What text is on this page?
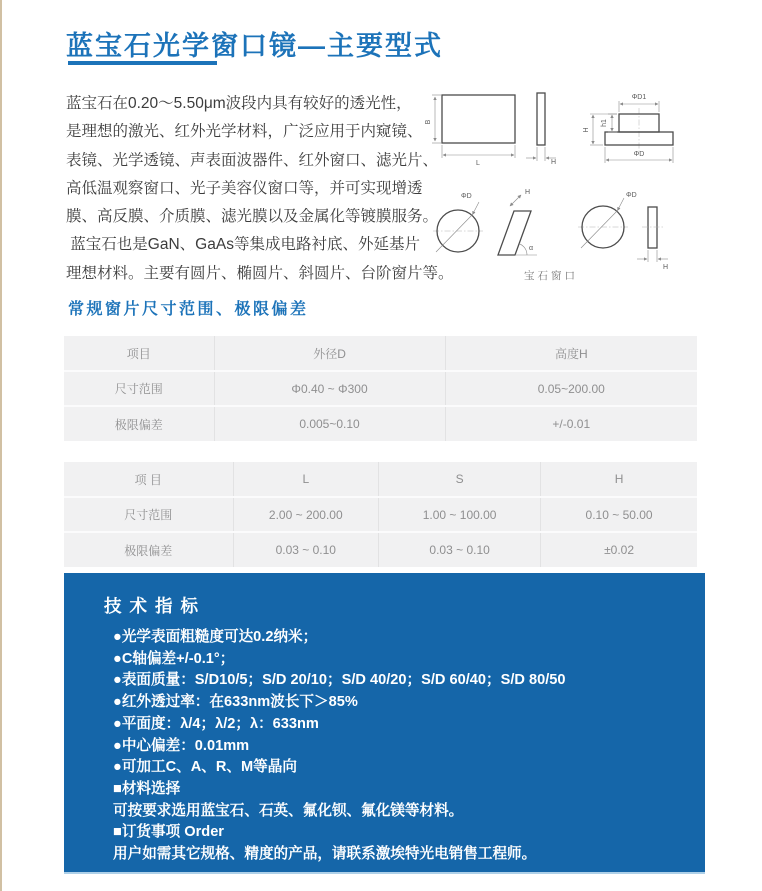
蓝宝石光学窗口镜—主要型式
蓝宝石在0.20～5.50μm波段内具有较好的透光性，
是理想的激光、红外光学材料，广泛应用于内窥镜、
表镜、光学透镜、声表面波器件、红外窗口、滤光片、
高低温观察窗口、光子美容仪窗口等，并可实现增透
膜、高反膜、介质膜、滤光膜以及金属化等镀膜服务。
蓝宝石也是GaN、GaAs等集成电路衬底、外延基片
理想材料。主要有圆片、椭圆片、斜圆片、台阶窗片等。
B
L	H
ΦD1
h1
H
ΦD
ΦD
α
H	ΦD
H
宝石窗口
常规窗片尺寸范围、极限偏差
项目	外径D	高度H
尺寸范围	Φ0.40 ~ Φ300	0.05~200.00
极限偏差	0.005~0.10	+/-0.01
项 目	L	S	H
尺寸范围	2.00 ~ 200.00	1.00 ~ 100.00	0.10 ~ 50.00
极限偏差	0.03 ~ 0.10	0.03 ~ 0.10	±0.02
技术指标
●光学表面粗糙度可达0.2纳米；
●C轴偏差+/-0.1°；
●表面质量：S/D10/5；S/D 20/10；S/D 40/20；S/D 60/40；S/D 80/50
●红外透过率：在633nm波长下＞85%
●平面度：λ/4；λ/2；λ：633nm
●中心偏差：0.01mm
●可加工C、A、R、M等晶向
■材料选择
可按要求选用蓝宝石、石英、氟化钡、氟化镁等材料。
■订货事项 Order
用户如需其它规格、精度的产品，请联系激埃特光电销售工程师。
